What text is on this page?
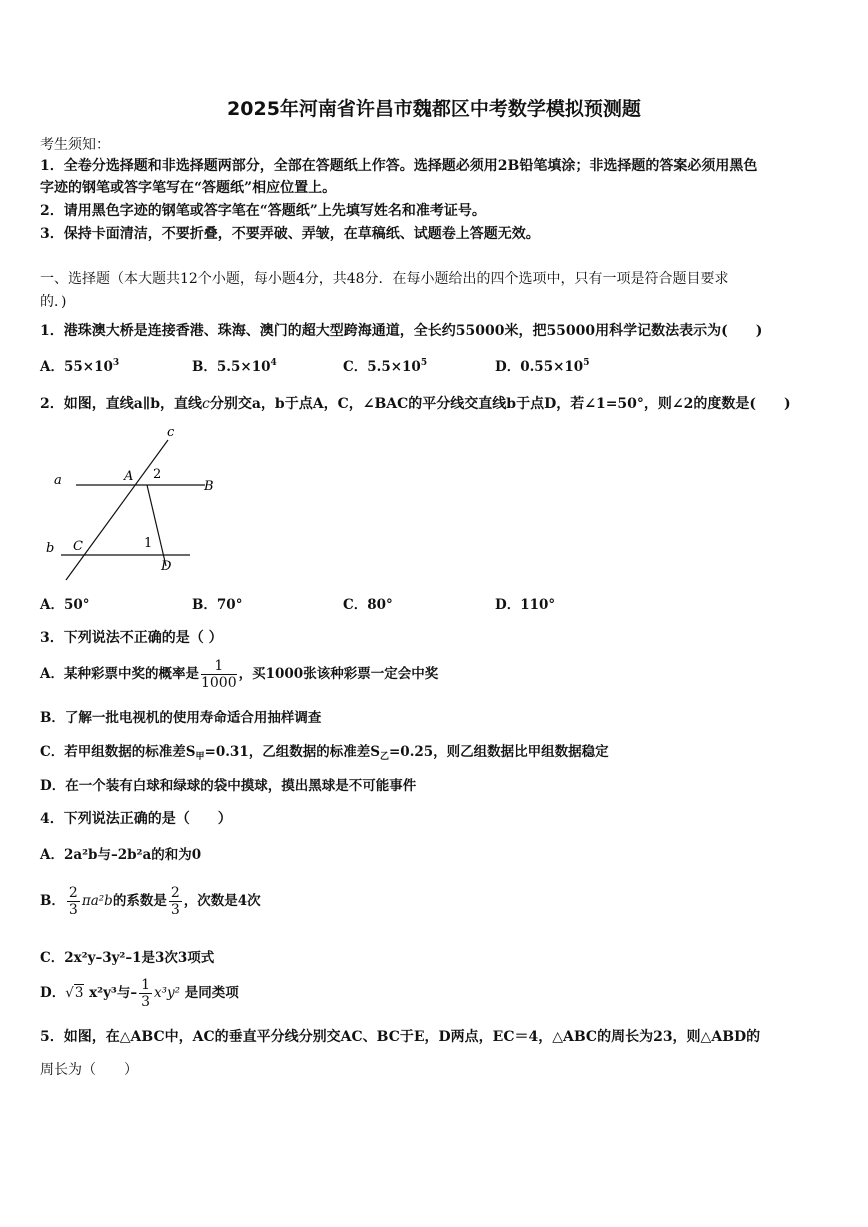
2025年河南省许昌市魏都区中考数学模拟预测题
考生须知：
1．全卷分选择题和非选择题两部分，全部在答题纸上作答。选择题必须用2B铅笔填涂；非选择题的答案必须用黑色
字迹的钢笔或答字笔写在“答题纸”相应位置上。
2．请用黑色字迹的钢笔或答字笔在“答题纸”上先填写姓名和准考证号。
3．保持卡面清洁，不要折叠，不要弄破、弄皱，在草稿纸、试题卷上答题无效。
一、选择题（本大题共12个小题，每小题4分，共48分．在每小题给出的四个选项中，只有一项是符合题目要求
的．)
1．港珠澳大桥是连接香港、珠海、澳门的超大型跨海通道，全长约55000米，把55000用科学记数法表示为(　　)
A．$55\times 10^3$	B．$5.5\times 10^4$	C．$5.5\times 10^5$	D．$0.55\times 10^5$
2．如图，直线a∥b，直线c分别交a，b于点A，C，∠BAC的平分线交直线b于点D，若∠1=50°，则∠2的度数是(　　)
c
a	A 2
B
b C	1
D
A．50°	B．70°	C．80°	D．110°
3．下列说法不正确的是（ ）
A．某种彩票中奖的概率是 $\frac{1}{1000}$ ，买1000张该种彩票一定会中奖
B．了解一批电视机的使用寿命适合用抽样调查
C．若甲组数据的标准差$S_甲=0.31$，乙组数据的标准差$S_乙=0.25$，则乙组数据比甲组数据稳定
D．在一个装有白球和绿球的袋中摸球，摸出黑球是不可能事件
4．下列说法正确的是（　　）
A．2a²b与–2b²a的和为0
B． $\frac{2}{3} \pi a^2b$的系数是 $\frac{2}{3}$ ，次数是4次
C．2x²y–3y²–1是3次3项式
D．√3 x²y³与– $\frac{1}{3} x^3y^2$ 是同类项
5．如图，在△ABC中，AC的垂直平分线分别交AC、BC于E，D两点，EC＝4，△ABC的周长为23，则△ABD的
周长为（　　）
